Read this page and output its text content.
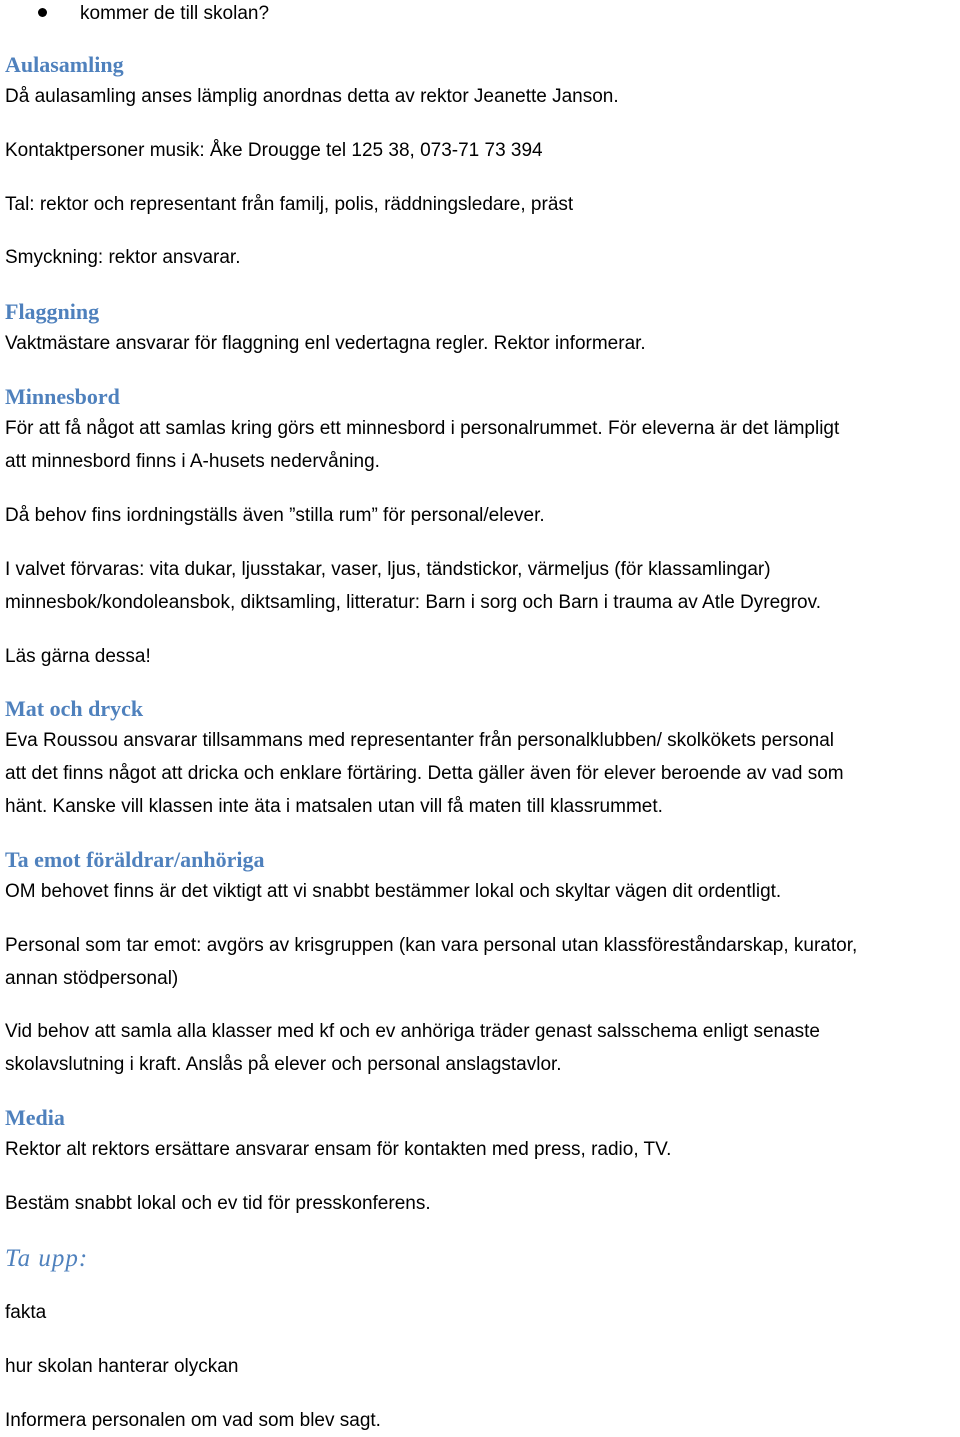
kommer de till skolan?
Aulasamling
Då aulasamling anses lämplig anordnas detta av rektor Jeanette Janson.
Kontaktpersoner musik: Åke Drougge tel 125 38, 073-71 73 394
Tal: rektor och representant från familj, polis, räddningsledare, präst
Smyckning: rektor ansvarar.
Flaggning
Vaktmästare ansvarar för flaggning enl vedertagna regler. Rektor informerar.
Minnesbord
För att få något att samlas kring görs ett minnesbord i personalrummet. För eleverna är det lämpligt
att minnesbord finns i A-husets nedervåning.
Då behov fins iordningställs även ”stilla rum” för personal/elever.
I valvet förvaras: vita dukar, ljusstakar, vaser, ljus, tändstickor, värmeljus (för klassamlingar)
minnesbok/kondoleansbok, diktsamling, litteratur: Barn i sorg och Barn i trauma av Atle Dyregrov.
Läs gärna dessa!
Mat och dryck
Eva Roussou ansvarar tillsammans med representanter från personalklubben/ skolkökets personal
att det finns något att dricka och enklare förtäring. Detta gäller även för elever beroende av vad som
hänt. Kanske vill klassen inte äta i matsalen utan vill få maten till klassrummet.
Ta emot föräldrar/anhöriga
OM behovet finns är det viktigt att vi snabbt bestämmer lokal och skyltar vägen dit ordentligt.
Personal som tar emot: avgörs av krisgruppen (kan vara personal utan klassföreståndarskap, kurator,
annan stödpersonal)
Vid behov att samla alla klasser med kf och ev anhöriga träder genast salsschema enligt senaste
skolavslutning i kraft. Anslås på elever och personal anslagstavlor.
Media
Rektor alt rektors ersättare ansvarar ensam för kontakten med press, radio, TV.
Bestäm snabbt lokal och ev tid för presskonferens.
Ta upp:
fakta
hur skolan hanterar olyckan
Informera personalen om vad som blev sagt.
